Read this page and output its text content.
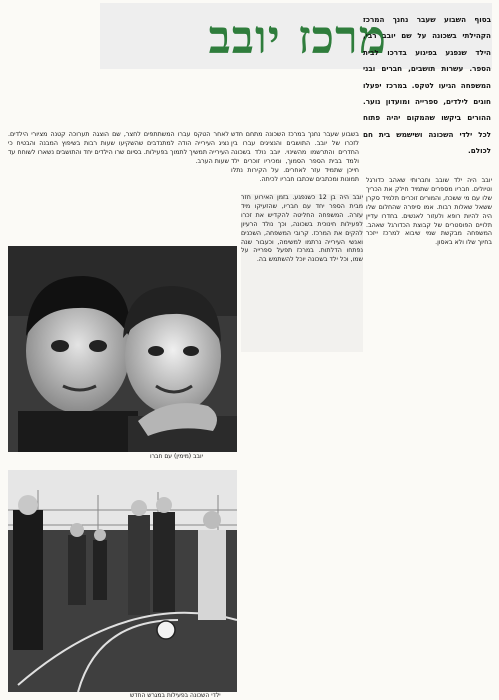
מרכז יובב	בסוף השבוע שעבר נחנך המרכז הקהילתי בשכונה על שם יובב רבי, הילד שנפגע בפיגוע בדרכו לבית הספר. עשרות תושבים, חברים ובני המשפחה הגיעו לטקס. במרכז יפעלו חוגים לילדים, ספרייה ומועדון נוער. ההורים ביקשו שהמקום יהיה פתוח לכל ילדי השכונה ושישמש בית חם לכולם.
בשבוע שעבר נחנך במרכז השכונה מתחם חדש לזכרו של יובב. התושבים והנציגים עברו בין החדרים והתרשמו מהשינוי. יובב נולד בשכונה ולמד בבית הספר הסמוך, ומכיריו זוכרים ילד חייכן שתמיד עזר לאחרים. על הקירות נתלו תמונות ומכתבים שכתבו חבריו לכיתה.
לאחר הטקס עברו המשתתפים לחצר, שם הוצגה תערוכה קטנה מציורי הילדים. נציג העירייה הודה למתנדבים שהשקיעו שעות רבות בשיפוץ המבנה והבטיח כי העירייה תמשיך לתמוך בפעילות. בסיום שרו הילדים יחד והתושבים נשארו לשוחח עד שעות הערב.
יובב היה בן 12 כשנפגע. בזמן האירוע חזר מבית הספר יחד עם חבריו, שהזעיקו מיד עזרה. המשפחה החליטה להקדיש את זכרו לפעילות חינוכית בשכונה, וכך נולד הרעיון להקים את המרכז. קרובי המשפחה, השכנים ואנשי העירייה נרתמו למשימה, וכעבור שנה נפתחו הדלתות. במרכז תפעל ספרייה על שמו, וכל ילד בשכונה יוכל להשתמש בה.
יובב היה ילד שובב וחברותי שאהב כדורגל וטיולים. חבריו מספרים שתמיד חילק את הכריך שלו עם מי ששכח, והמורים זוכרים תלמיד סקרן ששאל שאלות רבות. אמו סיפרה שהחלום שלו היה להיות רופא ולעזור לאנשים. בחדרו עדיין תלויים הפוסטרים של קבוצת הכדורגל שאהב. המשפחה מבקשת שמי שיבוא למרכז ייזכר בחיוך שלו ולא באסון.
יובב (מימין) עם חברו
ילדי השכונה בפעילות במגרש החדש
